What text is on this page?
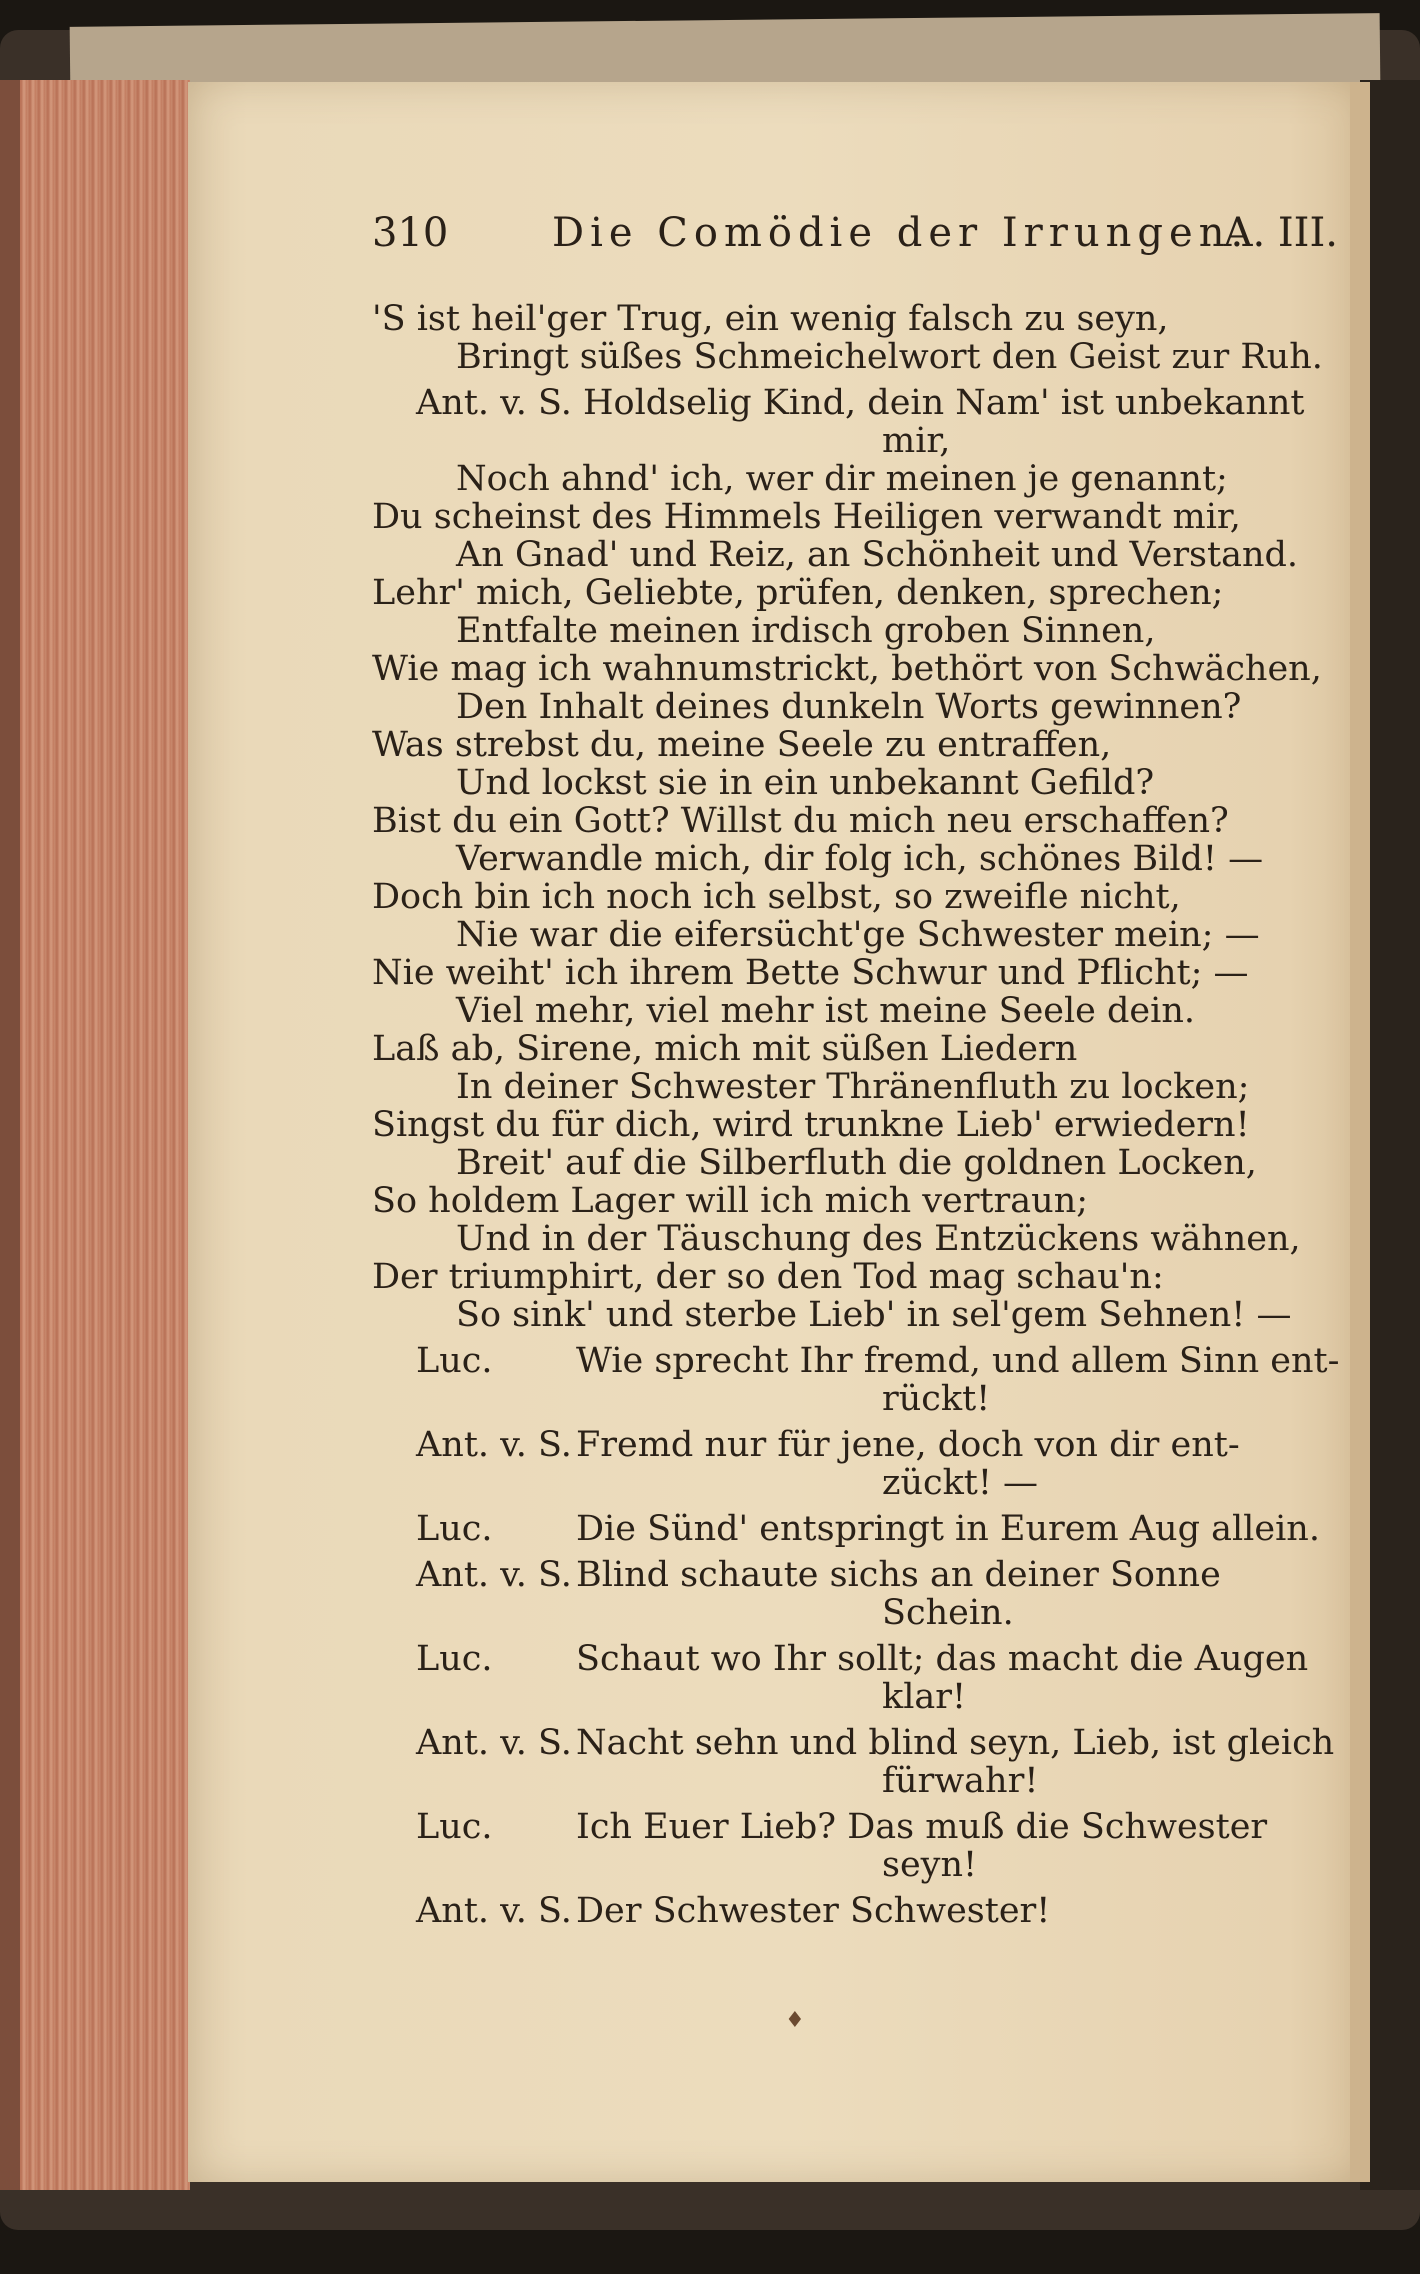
310	Die Comödie der Irrungen.
A. III.
'S ist heil'ger Trug, ein wenig falsch zu seyn,
Bringt süßes Schmeichelwort den Geist zur Ruh.
Ant. v. S. Holdselig Kind, dein Nam' ist unbekannt
mir,
Noch ahnd' ich, wer dir meinen je genannt;
Du scheinst des Himmels Heiligen verwandt mir,
An Gnad' und Reiz, an Schönheit und Verstand.
Lehr' mich, Geliebte, prüfen, denken, sprechen;
Entfalte meinen irdisch groben Sinnen,
Wie mag ich wahnumstrickt, bethört von Schwächen,
Den Inhalt deines dunkeln Worts gewinnen?
Was strebst du, meine Seele zu entraffen,
Und lockst sie in ein unbekannt Gefild?
Bist du ein Gott? Willst du mich neu erschaffen?
Verwandle mich, dir folg ich, schönes Bild! —
Doch bin ich noch ich selbst, so zweifle nicht,
Nie war die eifersücht'ge Schwester mein; —
Nie weiht' ich ihrem Bette Schwur und Pflicht; —
Viel mehr, viel mehr ist meine Seele dein.
Laß ab, Sirene, mich mit süßen Liedern
In deiner Schwester Thränenfluth zu locken;
Singst du für dich, wird trunkne Lieb' erwiedern!
Breit' auf die Silberfluth die goldnen Locken,
So holdem Lager will ich mich vertraun;
Und in der Täuschung des Entzückens wähnen,
Der triumphirt, der so den Tod mag schau'n:
So sink' und sterbe Lieb' in sel'gem Sehnen! —
Luc.	Wie sprecht Ihr fremd, und allem Sinn ent-
rückt!
Ant. v. S. Fremd nur für jene, doch von dir ent-
zückt! —
Luc.	Die Sünd' entspringt in Eurem Aug allein.
Ant. v. S. Blind schaute sichs an deiner Sonne
Schein.
Luc.	Schaut wo Ihr sollt; das macht die Augen
klar!
Ant. v. S. Nacht sehn und blind seyn, Lieb, ist gleich
fürwahr!
Luc.	Ich Euer Lieb? Das muß die Schwester
seyn!
Ant. v. S. Der Schwester Schwester!
♦
